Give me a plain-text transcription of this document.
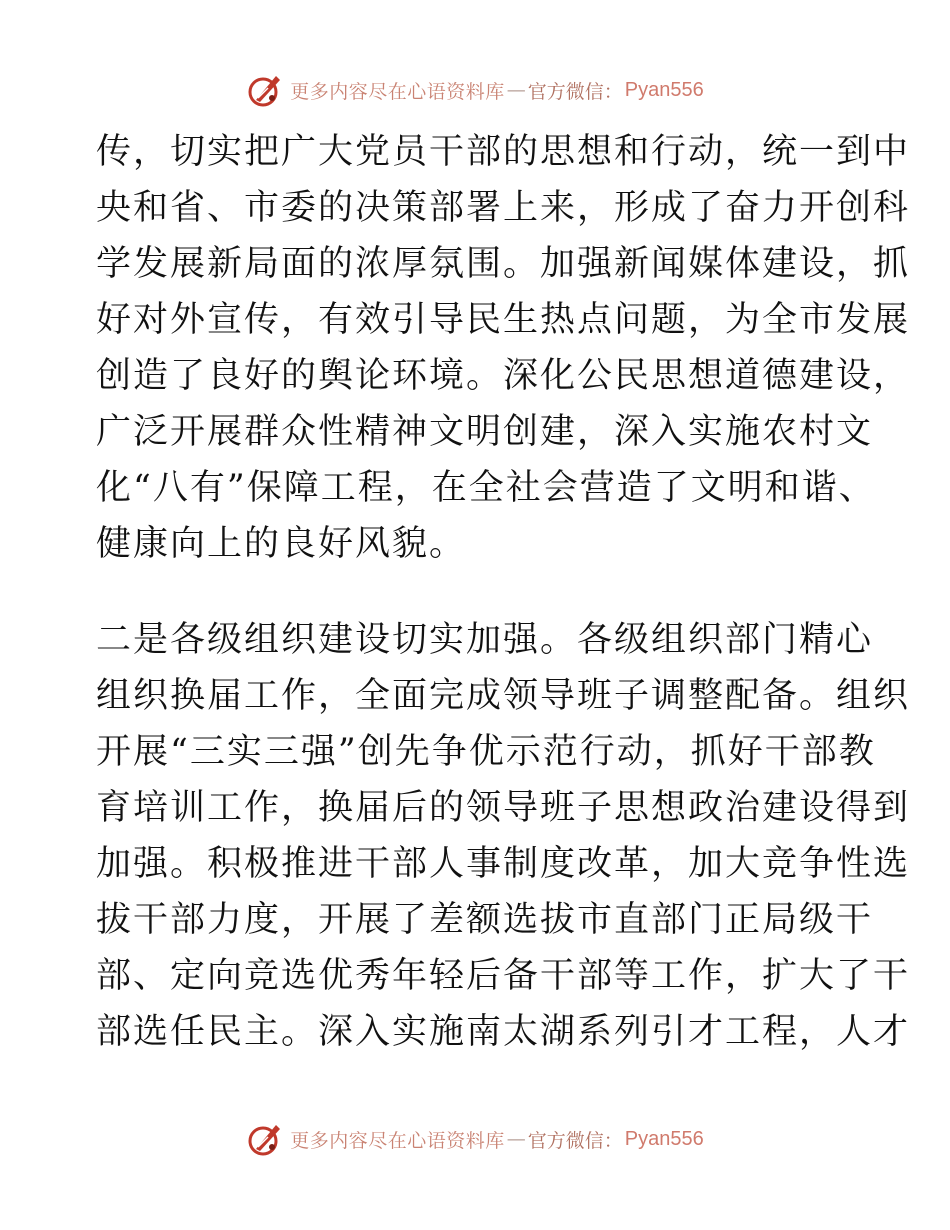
更多内容尽在心语资料库 — 官方微信： Pyan556
传，切实把广大党员干部的思想和行动，统一到中
央和省、市委的决策部署上来，形成了奋力开创科
学发展新局面的浓厚氛围。加强新闻媒体建设，抓
好对外宣传，有效引导民生热点问题，为全市发展
创造了良好的舆论环境。深化公民思想道德建设，
广泛开展群众性精神文明创建，深入实施农村文
化“八有”保障工程，在全社会营造了文明和谐、
健康向上的良好风貌。
二是各级组织建设切实加强。各级组织部门精心
组织换届工作，全面完成领导班子调整配备。组织
开展“三实三强”创先争优示范行动，抓好干部教
育培训工作，换届后的领导班子思想政治建设得到
加强。积极推进干部人事制度改革，加大竞争性选
拔干部力度，开展了差额选拔市直部门正局级干
部、定向竞选优秀年轻后备干部等工作，扩大了干
部选任民主。深入实施南太湖系列引才工程，人才
更多内容尽在心语资料库 — 官方微信： Pyan556
